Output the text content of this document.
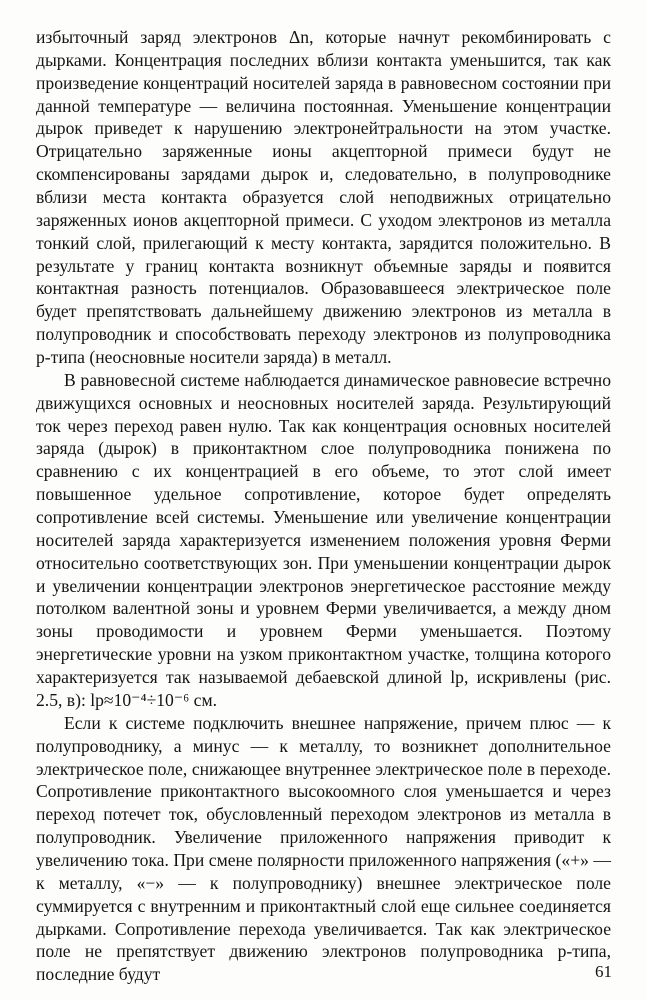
избыточный заряд электронов Δn, которые начнут рекомбинировать с дырками. Концентрация последних вблизи контакта уменьшится, так как произведение концентраций носителей заряда в равновесном состоянии при данной температуре — величина постоянная. Уменьшение концентрации дырок приведет к нарушению электронейтральности на этом участке. Отрицательно заряженные ионы акцепторной примеси будут не скомпенсированы зарядами дырок и, следовательно, в полупроводнике вблизи места контакта образуется слой неподвижных отрицательно заряженных ионов акцепторной примеси. С уходом электронов из металла тонкий слой, прилегающий к месту контакта, зарядится положительно. В результате у границ контакта возникнут объемные заряды и появится контактная разность потенциалов. Образовавшееся электрическое поле будет препятствовать дальнейшему движению электронов из металла в полупроводник и способствовать переходу электронов из полупроводника p-типа (неосновные носители заряда) в металл.

В равновесной системе наблюдается динамическое равновесие встречно движущихся основных и неосновных носителей заряда. Результирующий ток через переход равен нулю. Так как концентрация основных носителей заряда (дырок) в приконтактном слое полупроводника понижена по сравнению с их концентрацией в его объеме, то этот слой имеет повышенное удельное сопротивление, которое будет определять сопротивление всей системы. Уменьшение или увеличение концентрации носителей заряда характеризуется изменением положения уровня Ферми относительно соответствующих зон. При уменьшении концентрации дырок и увеличении концентрации электронов энергетическое расстояние между потолком валентной зоны и уровнем Ферми увеличивается, а между дном зоны проводимости и уровнем Ферми уменьшается. Поэтому энергетические уровни на узком приконтактном участке, толщина которого характеризуется так называемой дебаевской длиной lp, искривлены (рис. 2.5, в): lp≈10⁻⁴÷10⁻⁶ см.

Если к системе подключить внешнее напряжение, причем плюс — к полупроводнику, а минус — к металлу, то возникнет дополнительное электрическое поле, снижающее внутреннее электрическое поле в переходе. Сопротивление приконтактного высокоомного слоя уменьшается и через переход потечет ток, обусловленный переходом электронов из металла в полупроводник. Увеличение приложенного напряжения приводит к увеличению тока. При смене полярности приложенного напряжения («+» — к металлу, «−» — к полупроводнику) внешнее электрическое поле суммируется с внутренним и приконтактный слой еще сильнее соединяется дырками. Сопротивление перехода увеличивается. Так как электрическое поле не препятствует движению электронов полупроводника p-типа, последние будут	61
